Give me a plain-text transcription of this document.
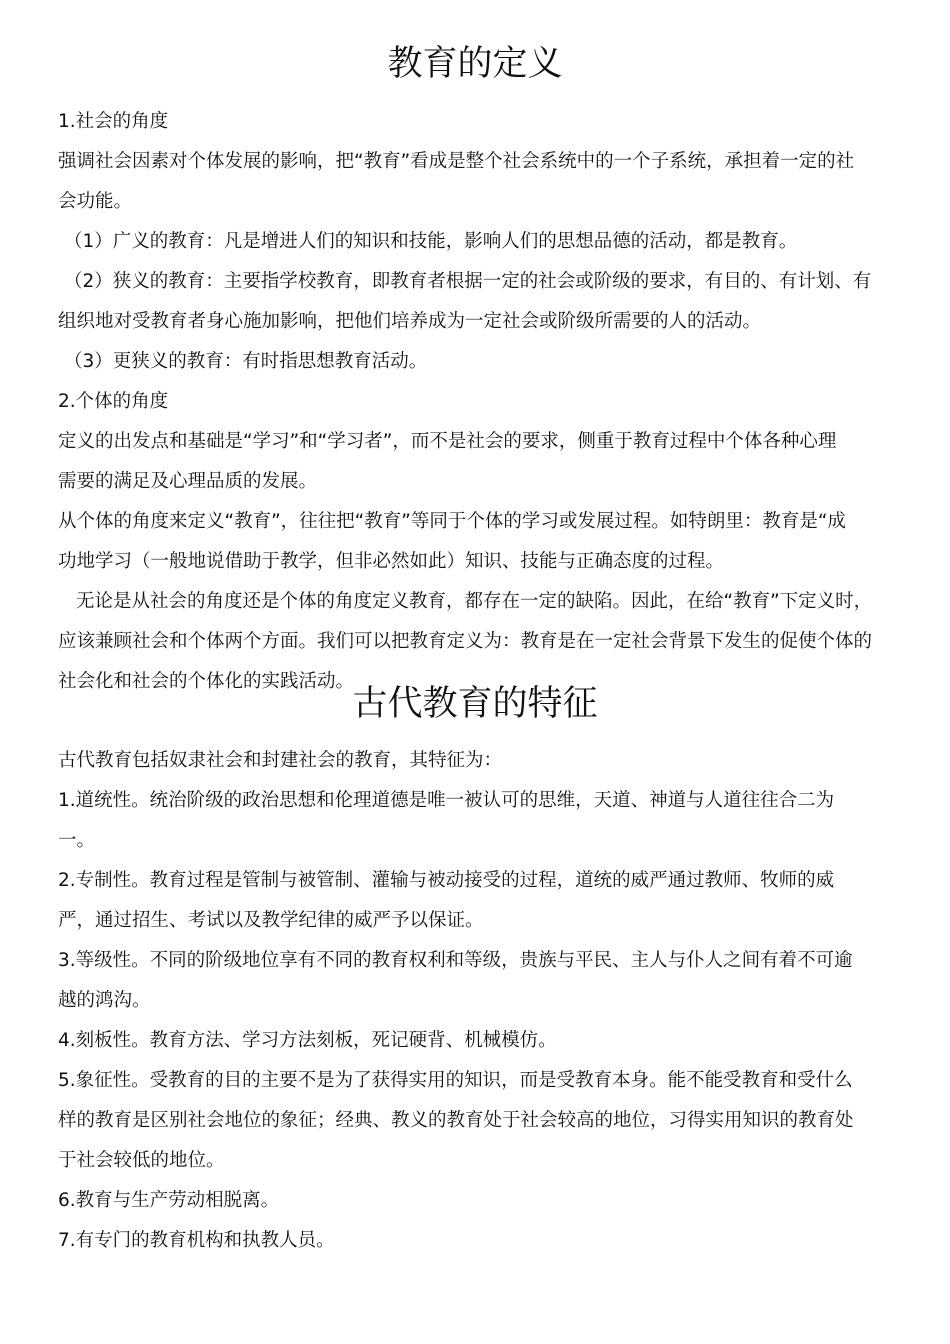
教育的定义

1.社会的角度

强调社会因素对个体发展的影响，把“教育”看成是整个社会系统中的一个子系统，承担着一定的社

会功能。

（1）广义的教育：凡是增进人们的知识和技能，影响人们的思想品德的活动，都是教育。

（2）狭义的教育：主要指学校教育，即教育者根据一定的社会或阶级的要求，有目的、有计划、有

组织地对受教育者身心施加影响，把他们培养成为一定社会或阶级所需要的人的活动。

（3）更狭义的教育：有时指思想教育活动。

2.个体的角度

定义的出发点和基础是“学习”和“学习者”，而不是社会的要求，侧重于教育过程中个体各种心理

需要的满足及心理品质的发展。

从个体的角度来定义“教育”，往往把“教育”等同于个体的学习或发展过程。如特朗里：教育是“成

功地学习（一般地说借助于教学，但非必然如此）知识、技能与正确态度的过程。

无论是从社会的角度还是个体的角度定义教育，都存在一定的缺陷。因此，在给“教育”下定义时，

应该兼顾社会和个体两个方面。我们可以把教育定义为：教育是在一定社会背景下发生的促使个体的

社会化和社会的个体化的实践活动。

古代教育的特征

古代教育包括奴隶社会和封建社会的教育，其特征为：

1.道统性。统治阶级的政治思想和伦理道德是唯一被认可的思维，天道、神道与人道往往合二为

一。

2.专制性。教育过程是管制与被管制、灌输与被动接受的过程，道统的威严通过教师、牧师的威

严，通过招生、考试以及教学纪律的威严予以保证。

3.等级性。不同的阶级地位享有不同的教育权利和等级，贵族与平民、主人与仆人之间有着不可逾

越的鸿沟。

4.刻板性。教育方法、学习方法刻板，死记硬背、机械模仿。

5.象征性。受教育的目的主要不是为了获得实用的知识，而是受教育本身。能不能受教育和受什么

样的教育是区别社会地位的象征；经典、教义的教育处于社会较高的地位，习得实用知识的教育处

于社会较低的地位。

6.教育与生产劳动相脱离。

7.有专门的教育机构和执教人员。
